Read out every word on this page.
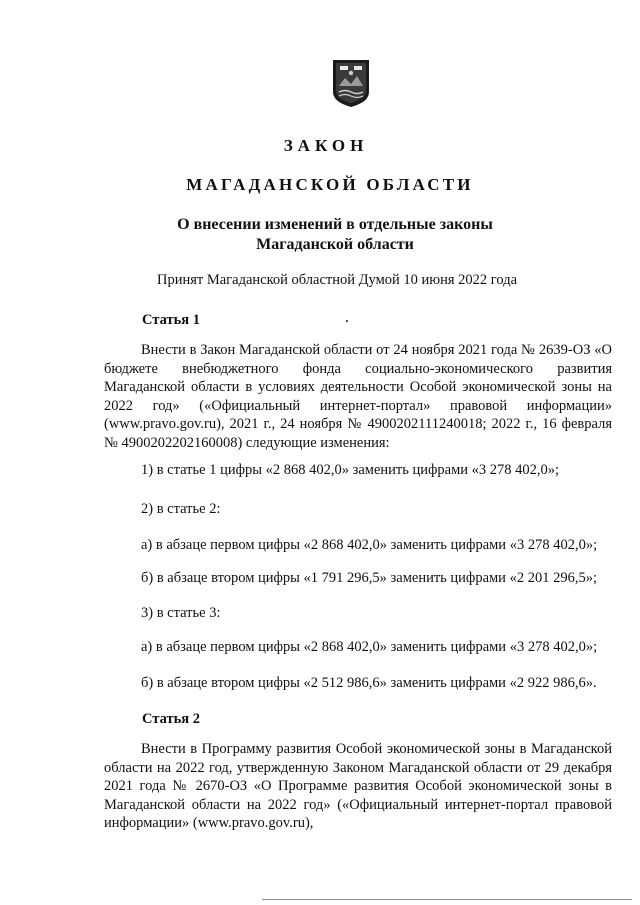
ЗАКОН
МАГАДАНСКОЙ ОБЛАСТИ
О внесении изменений в отдельные законы
Магаданской области
Принят Магаданской областной Думой 10 июня 2022 года
Статья 1
Внести в Закон Магаданской области от 24 ноября 2021 года № 2639-ОЗ «О бюджете внебюджетного фонда социально-экономического развития Магаданской области в условиях деятельности Особой экономической зоны на 2022 год» («Официальный интернет-портал» правовой информации» (www.pravo.gov.ru), 2021 г., 24 ноября № 4900202111240018; 2022 г., 16 февраля № 4900202202160008) следующие изменения:
1) в статье 1 цифры «2 868 402,0» заменить цифрами «3 278 402,0»;
2) в статье 2:
а) в абзаце первом цифры «2 868 402,0» заменить цифрами «3 278 402,0»;
б) в абзаце втором цифры «1 791 296,5» заменить цифрами «2 201 296,5»;
3) в статье 3:
а) в абзаце первом цифры «2 868 402,0» заменить цифрами «3 278 402,0»;
б) в абзаце втором цифры «2 512 986,6» заменить цифрами «2 922 986,6».
Статья 2
Внести в Программу развития Особой экономической зоны в Магаданской области на 2022 год, утвержденную Законом Магаданской области от 29 декабря 2021 года № 2670-ОЗ «О Программе развития Особой экономической зоны в Магаданской области на 2022 год» («Официальный интернет-портал правовой информации» (www.pravo.gov.ru),
